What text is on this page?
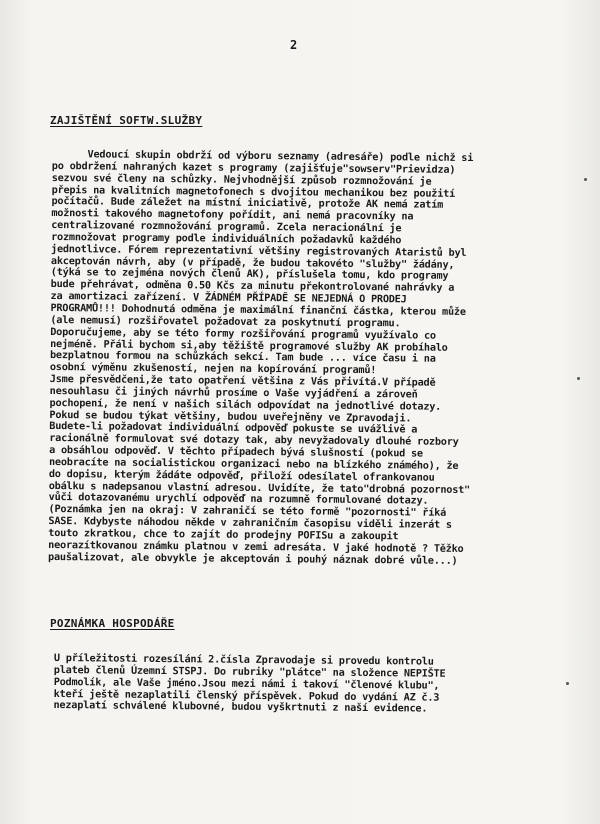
2
ZAJIŠTĚNÍ SOFTW.SLUŽBY
Vedoucí skupin obdrží od výboru seznamy (adresáře) podle nichž si
po obdržení nahraných kazet s programy (zajišťuje"sowserv"Prievidza)
sezvou své členy na schůzky. Nejvhodnější způsob rozmnožování je
přepis na kvalitních magnetofonech s dvojitou mechanikou bez použití
počítačů. Bude záležet na místní iniciativě, protože AK nemá zatím
možnosti takového magnetofony pořídit, ani nemá pracovníky na
centralizované rozmnožování programů. Zcela neracionální je
rozmnožovat programy podle individuálních požadavků každého
jednotlivce. Fórem reprezentativní většiny registrovaných Ataristů byl
akceptován návrh, aby (v případě, že budou takovéto "služby" žádány,
(týká se to zejména nových členů AK), příslušela tomu, kdo programy
bude přehrávat, odměna 0.50 Kčs za minutu překontrolované nahrávky a
za amortizaci zařízení. V ŽÁDNÉM PŘÍPADĚ SE NEJEDNÁ O PRODEJ
PROGRAMŮ!!! Dohodnutá odměna je maximální finanční částka, kterou může
(ale nemusí) rozšiřovatel požadovat za poskytnutí programu.
Doporučujeme, aby se této formy rozšiřování programů využívalo co
nejméně. Přáli bychom si,aby těžiště programové služby AK probíhalo
bezplatnou formou na schůzkách sekcí. Tam bude ... více času i na
osobní výměnu zkušeností, nejen na kopírování programů!
Jsme přesvědčeni,že tato opatření většina z Vás přivítá.V případě
nesouhlasu či jiných návrhů prosíme o Vaše vyjádření a zároveň
pochopení, že není v našich silách odpovídat na jednotlivé dotazy.
Pokud se budou týkat většiny, budou uveřejněny ve Zpravodaji.
Budete-li požadovat individuální odpověď pokuste se uvážlivě a
racionálně formulovat své dotazy tak, aby nevyžadovaly dlouhé rozbory
a obsáhlou odpověď. V těchto případech bývá slušností (pokud se
neobracíte na socialistickou organizaci nebo na blízkého známého), že
do dopisu, kterým žádáte odpověď, přiloží odesílatel ofrankovanou
obálku s nadepsanou vlastní adresou. Uvidíte, že tato"drobná pozornost"
vůči dotazovanému urychlí odpověď na rozumně formulované dotazy.
(Poznámka jen na okraj: V zahraničí se této formě "pozornosti" říká
SASE. Kdybyste náhodou někde v zahraničním časopisu viděli inzerát s
touto zkratkou, chce to zajít do prodejny POFISu a zakoupit
neorazítkovanou známku platnou v zemi adresáta. V jaké hodnotě ? Těžko
paušalizovat, ale obvykle je akceptován i pouhý náznak dobré vůle...)
POZNÁMKA HOSPODÁŘE
U příležitosti rozesílání 2.čísla Zpravodaje si provedu kontrolu
plateb členů Územní STSPJ. Do rubriky "plátce" na složence NEPIŠTE
Podmolík, ale Vaše jméno.Jsou mezi námi i takoví "členové klubu",
kteří ještě nezaplatili členský příspěvek. Pokud do vydání AZ č.3
nezaplatí schválené klubovné, budou vyškrtnuti z naší evidence.
